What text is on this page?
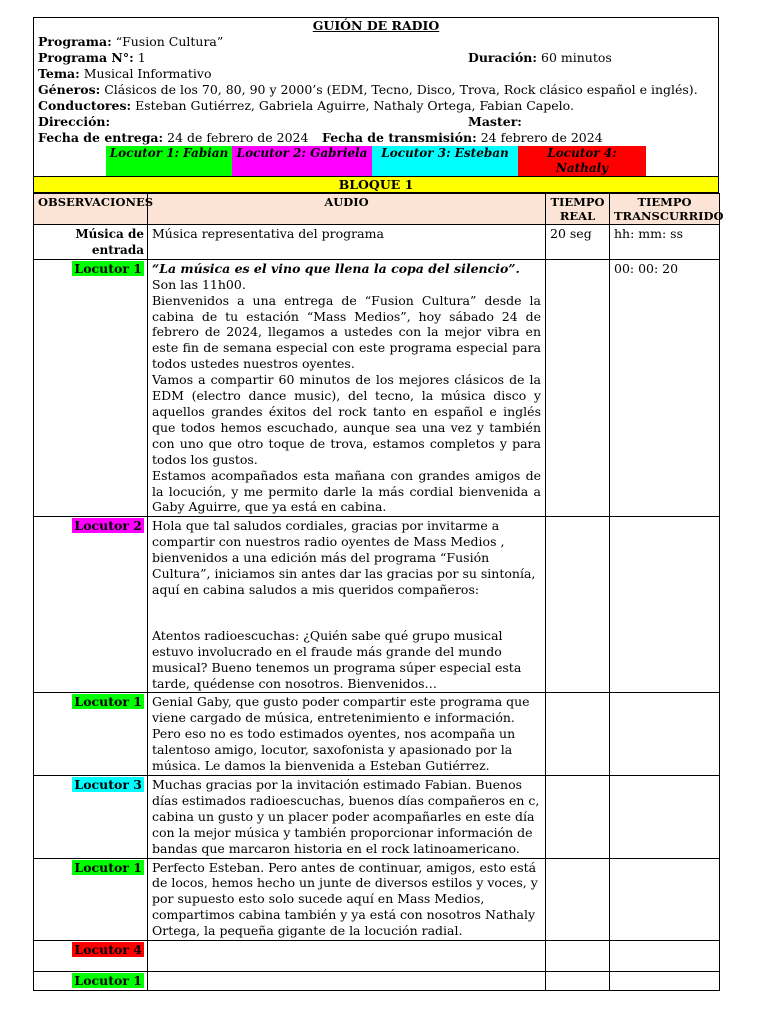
GUIÓN DE RADIO
Programa: “Fusion Cultura”
Programa N°: 1	Duración: 60 minutos
Tema: Musical Informativo
Géneros: Clásicos de los 70, 80, 90 y 2000’s (EDM, Tecno, Disco, Trova, Rock clásico español e inglés).
Conductores: Esteban Gutiérrez, Gabriela Aguirre, Nathaly Ortega, Fabian Capelo.
Dirección:	Master:
Fecha de entrega: 24 de febrero de 2024 Fecha de transmisión: 24 febrero de 2024
Locutor 1: Fabian Locutor 2: Gabriela	Locutor 3: Esteban	Locutor 4: Nathaly
BLOQUE 1
OBSERVACIONES	AUDIO	TIEMPO REAL	TIEMPO TRANSCURRIDO
Música de entrada	Música representativa del programa	20 seg	hh: mm: ss
Locutor 1	“La música es el vino que llena la copa del silencio”.

Son las 11h00.

Bienvenidos a una entrega de “Fusion Cultura” desde la cabina de tu estación “Mass Medios”, hoy sábado 24 de febrero de 2024, llegamos a ustedes con la mejor vibra en este fin de semana especial con este programa especial para todos ustedes nuestros oyentes.

Vamos a compartir 60 minutos de los mejores clásicos de la EDM (electro dance music), del tecno, la música disco y aquellos grandes éxitos del rock tanto en español e inglés que todos hemos escuchado, aunque sea una vez y también con uno que otro toque de trova, estamos completos y para todos los gustos.

Estamos acompañados esta mañana con grandes amigos de la locución, y me permito darle la más cordial bienvenida a Gaby Aguirre, que ya está en cabina.		00: 00: 20
Locutor 2	Hola que tal saludos cordiales, gracias por invitarme a compartir con nuestros radio oyentes de Mass Medios , bienvenidos a una edición más del programa “Fusión Cultura”, iniciamos sin antes dar las gracias por su sintonía, aquí en cabina saludos a mis queridos compañeros:

Atentos radioescuchas: ¿Quién sabe qué grupo musical estuvo involucrado en el fraude más grande del mundo musical? Bueno tenemos un programa súper especial esta tarde, quédense con nosotros. Bienvenidos…		

Locutor 1	Genial Gaby, que gusto poder compartir este programa que viene cargado de música, entretenimiento e información. Pero eso no es todo estimados oyentes, nos acompaña un talentoso amigo, locutor, saxofonista y apasionado por la música. Le damos la bienvenida a Esteban Gutiérrez.		
Locutor 3	Muchas gracias por la invitación estimado Fabian. Buenos días estimados radioescuchas, buenos días compañeros en c, cabina un gusto y un placer poder acompañarles en este día con la mejor música y también proporcionar información de bandas que marcaron historia en el rock latinoamericano.		
Locutor 1	Perfecto Esteban. Pero antes de continuar, amigos, esto está de locos, hemos hecho un junte de diversos estilos y voces, y por supuesto esto solo sucede aquí en Mass Medios, compartimos cabina también y ya está con nosotros Nathaly Ortega, la pequeña gigante de la locución radial.		
Locutor 4			
Locutor 1			
